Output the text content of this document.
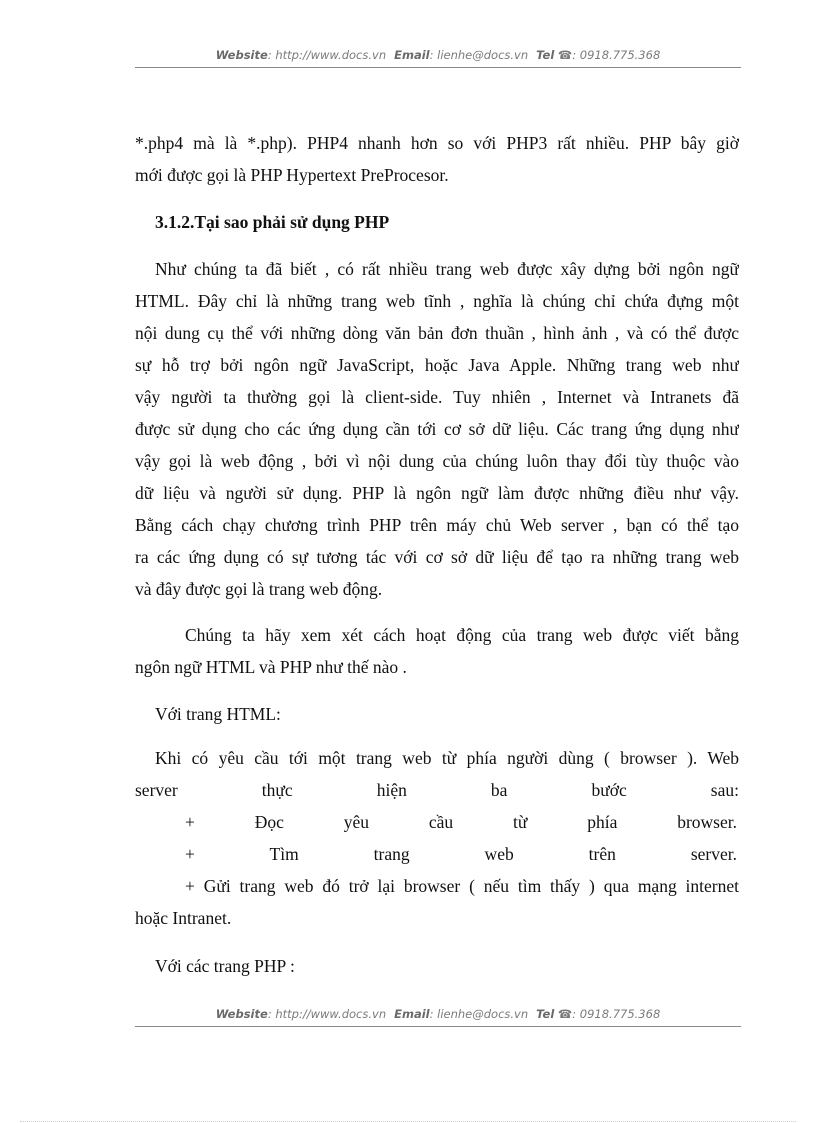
Website: http://www.docs.vn Email: lienhe@docs.vn Tel ☎: 0918.775.368
*.php4 mà là *.php). PHP4 nhanh hơn so với PHP3 rất nhiều. PHP bây giờ
mới được gọi là PHP Hypertext PreProcesor.
3.1.2.Tại sao phải sử dụng PHP
Như chúng ta đã biết , có rất nhiều trang web được xây dựng bởi ngôn ngữ
HTML. Đây chỉ là những trang web tĩnh , nghĩa là chúng chỉ chứa đựng một
nội dung cụ thể với những dòng văn bản đơn thuần , hình ảnh , và có thể được
sự hỗ trợ bởi ngôn ngữ JavaScript, hoặc Java Apple. Những trang web như
vậy người ta thường gọi là client-side. Tuy nhiên , Internet và Intranets đã
được sử dụng cho các ứng dụng cần tới cơ sở dữ liệu. Các trang ứng dụng như
vậy gọi là web động , bởi vì nội dung của chúng luôn thay đổi tùy thuộc vào
dữ liệu và người sử dụng. PHP là ngôn ngữ làm được những điều như vậy.
Bằng cách chạy chương trình PHP trên máy chủ Web server , bạn có thể tạo
ra các ứng dụng có sự tương tác với cơ sở dữ liệu để tạo ra những trang web
và đây được gọi là trang web động.
Chúng ta hãy xem xét cách hoạt động của trang web được viết bằng
ngôn ngữ HTML và PHP như thế nào .
Với trang HTML:
Khi có yêu cầu tới một trang web từ phía người dùng ( browser ). Web
server thực hiện ba bước sau:
+ Đọc yêu cầu từ phía browser.
+ Tìm trang web trên server.
+ Gửi trang web đó trở lại browser ( nếu tìm thấy ) qua mạng internet
hoặc Intranet.
Với các trang PHP :
Website: http://www.docs.vn Email: lienhe@docs.vn Tel ☎: 0918.775.368
